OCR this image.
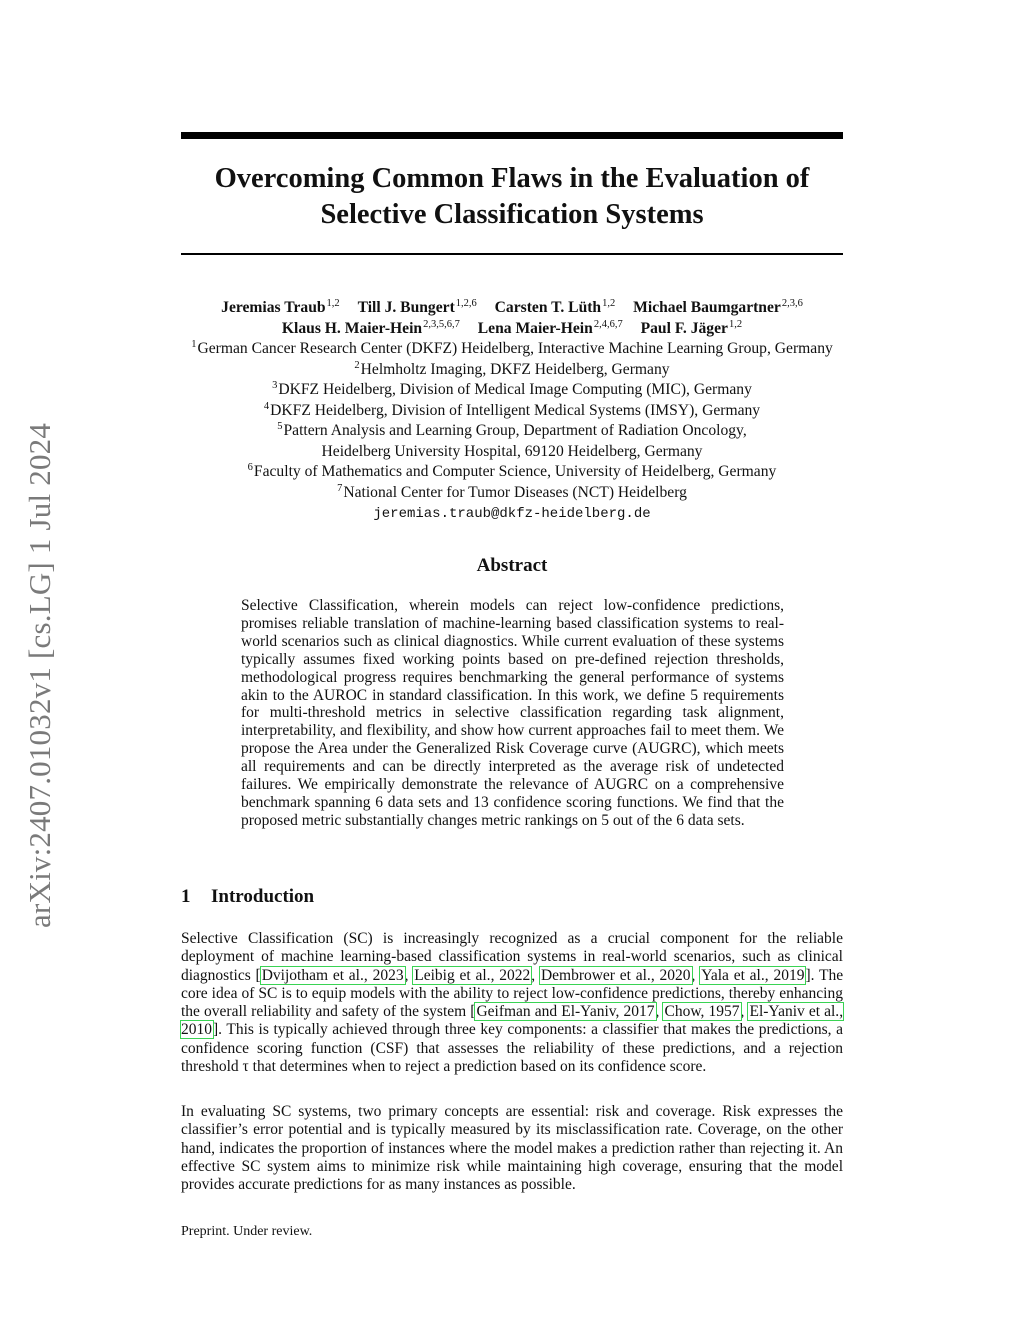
arXiv:2407.01032v1 [cs.LG] 1 Jul 2024
Overcoming Common Flaws in the Evaluation of
Selective Classification Systems
Jeremias Traub$^{1,2}$ Till J. Bungert$^{1,2,6}$ Carsten T. Lüth$^{1,2}$ Michael Baumgartner$^{2,3,6}$
Klaus H. Maier-Hein$^{2,3,5,6,7}$ Lena Maier-Hein$^{2,4,6,7}$ Paul F. Jäger$^{1,2}$
$^1$German Cancer Research Center (DKFZ) Heidelberg, Interactive Machine Learning Group, Germany
$^2$Helmholtz Imaging, DKFZ Heidelberg, Germany
$^3$DKFZ Heidelberg, Division of Medical Image Computing (MIC), Germany
$^4$DKFZ Heidelberg, Division of Intelligent Medical Systems (IMSY), Germany
$^5$Pattern Analysis and Learning Group, Department of Radiation Oncology,
Heidelberg University Hospital, 69120 Heidelberg, Germany
$^6$Faculty of Mathematics and Computer Science, University of Heidelberg, Germany
$^7$National Center for Tumor Diseases (NCT) Heidelberg
jeremias.traub@dkfz-heidelberg.de
Abstract

Selective Classification, wherein models can reject low-confidence predictions, promises reliable translation of machine-learning based classification systems to real-world scenarios such as clinical diagnostics. While current evaluation of these systems typically assumes fixed working points based on pre-defined rejection thresholds, methodological progress requires benchmarking the general performance of systems akin to the AUROC in standard classification. In this work, we define 5 requirements for multi-threshold metrics in selective classification regarding task alignment, interpretability, and flexibility, and show how current approaches fail to meet them. We propose the Area under the Generalized Risk Coverage curve (AUGRC), which meets all requirements and can be directly interpreted as the average risk of undetected failures. We empirically demonstrate the relevance of AUGRC on a comprehensive benchmark spanning 6 data sets and 13 confidence scoring functions. We find that the proposed metric substantially changes metric rankings on 5 out of the 6 data sets.

1 Introduction

Selective Classification (SC) is increasingly recognized as a crucial component for the reliable deployment of machine learning-based classification systems in real-world scenarios, such as clinical diagnostics [Dvijotham et al., 2023, Leibig et al., 2022, Dembrower et al., 2020, Yala et al., 2019]. The core idea of SC is to equip models with the ability to reject low-confidence predictions, thereby enhancing the overall reliability and safety of the system [Geifman and El-Yaniv, 2017, Chow, 1957, El-Yaniv et al., 2010]. This is typically achieved through three key components: a classifier that makes the predictions, a confidence scoring function (CSF) that assesses the reliability of these predictions, and a rejection threshold τ that determines when to reject a prediction based on its confidence score.

In evaluating SC systems, two primary concepts are essential: risk and coverage. Risk expresses the classifier’s error potential and is typically measured by its misclassification rate. Coverage, on the other hand, indicates the proportion of instances where the model makes a prediction rather than rejecting it. An effective SC system aims to minimize risk while maintaining high coverage, ensuring that the model provides accurate predictions for as many instances as possible.

Preprint. Under review.
